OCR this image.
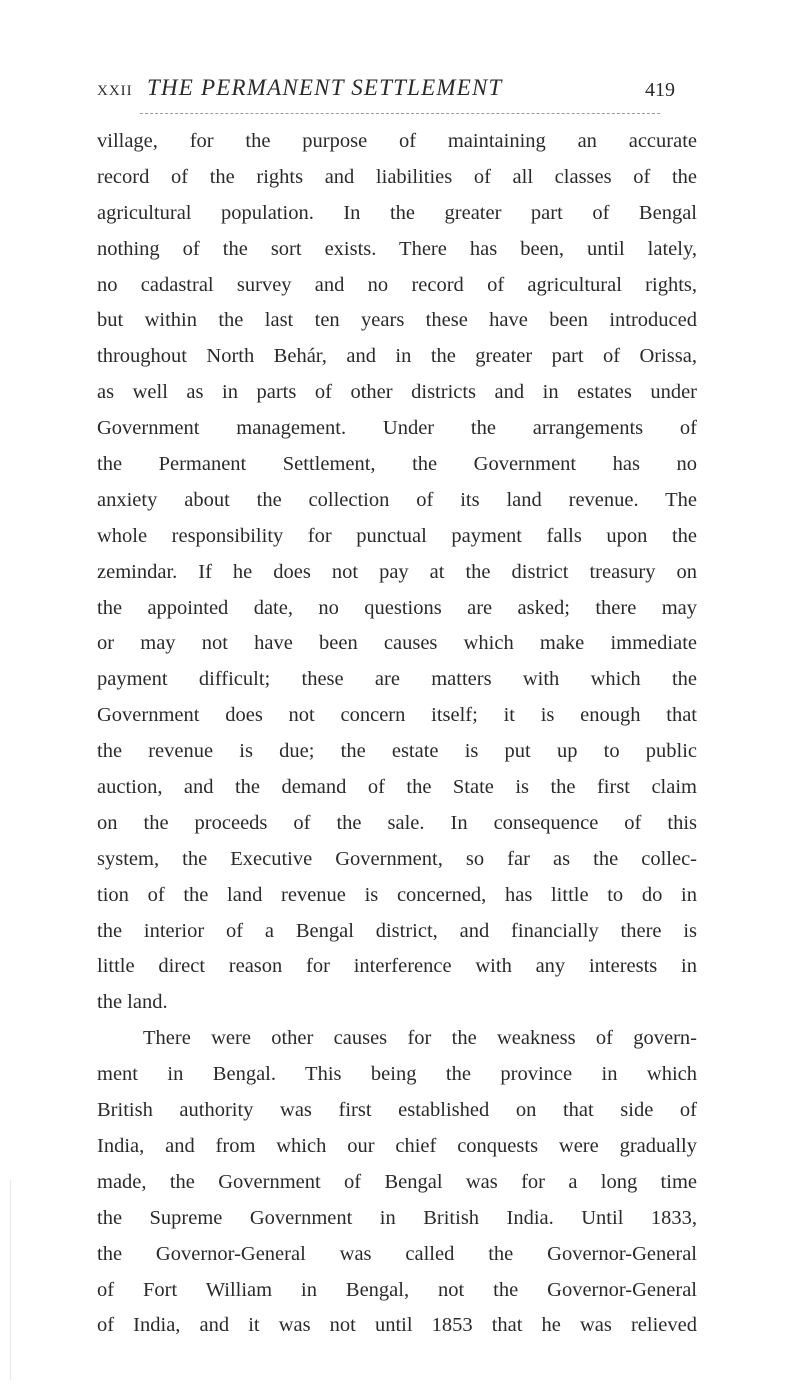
XXII THE PERMANENT SETTLEMENT	419
village, for the purpose of maintaining an accurate
record of the rights and liabilities of all classes of the
agricultural population. In the greater part of Bengal
nothing of the sort exists. There has been, until lately,
no cadastral survey and no record of agricultural rights,
but within the last ten years these have been introduced
throughout North Behár, and in the greater part of Orissa,
as well as in parts of other districts and in estates under
Government management. Under the arrangements of
the Permanent Settlement, the Government has no
anxiety about the collection of its land revenue. The
whole responsibility for punctual payment falls upon the
zemindar. If he does not pay at the district treasury on
the appointed date, no questions are asked; there may
or may not have been causes which make immediate
payment difficult; these are matters with which the
Government does not concern itself; it is enough that
the revenue is due; the estate is put up to public
auction, and the demand of the State is the first claim
on the proceeds of the sale. In consequence of this
system, the Executive Government, so far as the collec-
tion of the land revenue is concerned, has little to do in
the interior of a Bengal district, and financially there is
little direct reason for interference with any interests in
the land.
There were other causes for the weakness of govern-
ment in Bengal. This being the province in which
British authority was first established on that side of
India, and from which our chief conquests were gradually
made, the Government of Bengal was for a long time
the Supreme Government in British India. Until 1833,
the Governor-General was called the Governor-General
of Fort William in Bengal, not the Governor-General
of India, and it was not until 1853 that he was relieved
